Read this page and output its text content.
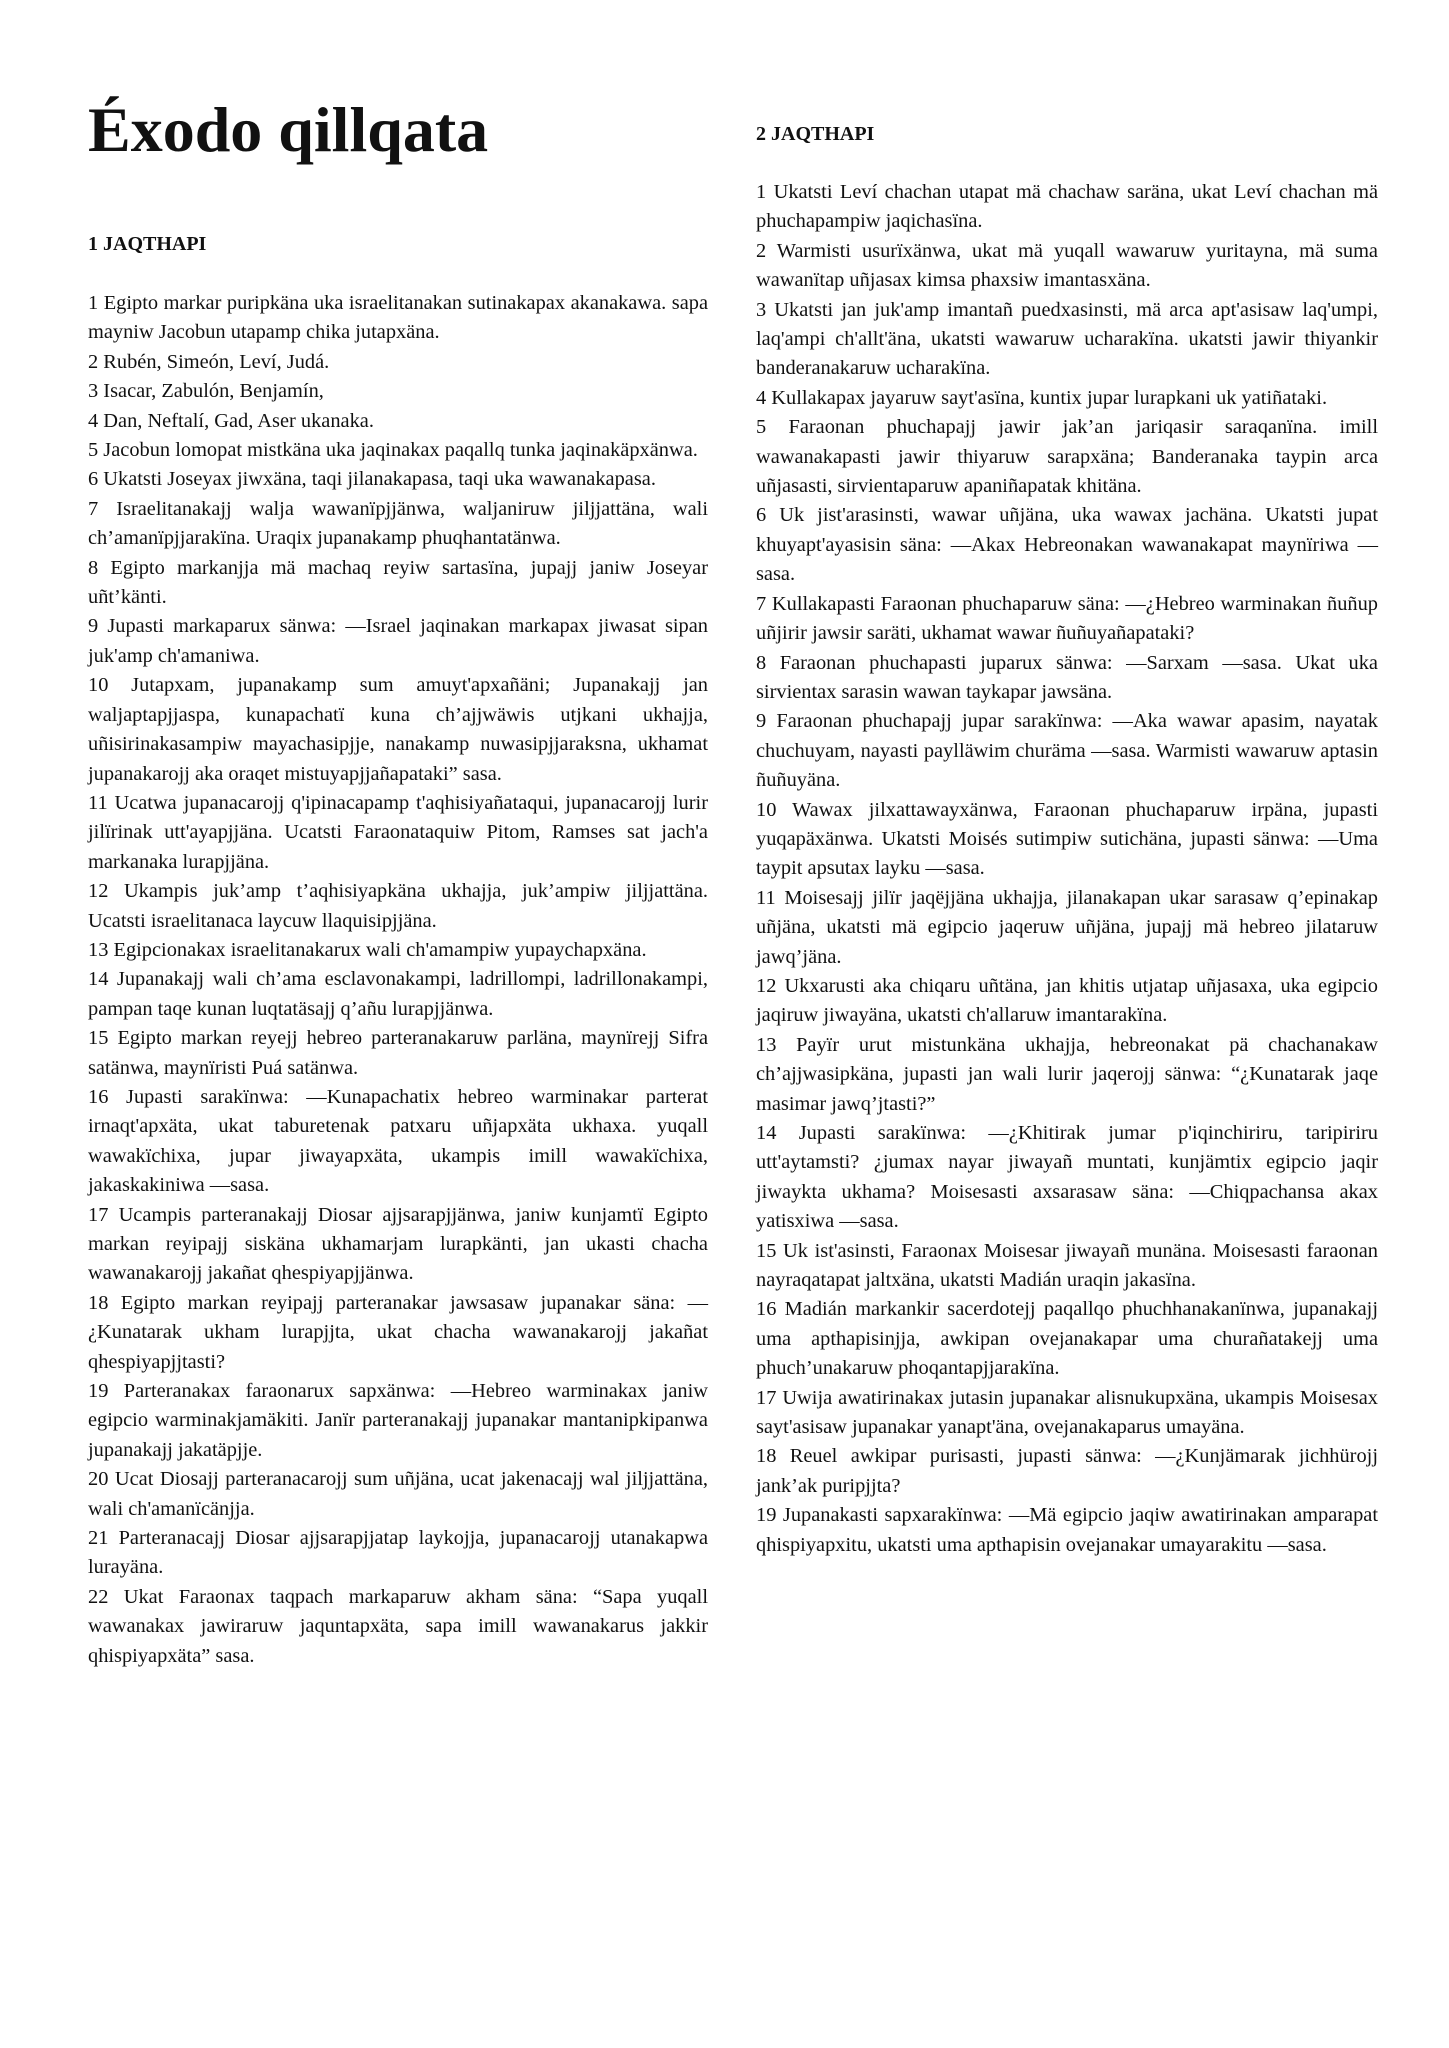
Éxodo qillqata
1 JAQTHAPI

1 Egipto markar puripkäna uka israelitanakan sutinakapax akanakawa. sapa mayniw Jacobun utapamp chika jutapxäna.

2 Rubén, Simeón, Leví, Judá.

3 Isacar, Zabulón, Benjamín,

4 Dan, Neftalí, Gad, Aser ukanaka.

5 Jacobun lomopat mistkäna uka jaqinakax paqallq tunka jaqinakäpxänwa.

6 Ukatsti Joseyax jiwxäna, taqi jilanakapasa, taqi uka wawanakapasa.

7 Israelitanakajj walja wawanïpjjänwa, waljaniruw jiljjattäna, wali ch’amanïpjjarakïna. Uraqix jupanakamp phuqhantatänwa.

8 Egipto markanjja mä machaq reyiw sartasïna, jupajj janiw Joseyar uñt’känti.

9 Jupasti markaparux sänwa: —Israel jaqinakan markapax jiwasat sipan juk'amp ch'amaniwa.

10 Jutapxam, jupanakamp sum amuyt'apxañäni; Jupanakajj jan waljaptapjjaspa, kunapachatï kuna ch’ajjwäwis utjkani ukhajja, uñisirinakasampiw mayachasipjje, nanakamp nuwasipjjaraksna, ukhamat jupanakarojj aka oraqet mistuyapjjañapataki” sasa.

11 Ucatwa jupanacarojj q'ipinacapamp t'aqhisiyañataqui, jupanacarojj lurir jilïrinak utt'ayapjjäna. Ucatsti Faraonataquiw Pitom, Ramses sat jach'a markanaka lurapjjäna.

12 Ukampis juk’amp t’aqhisiyapkäna ukhajja, juk’ampiw jiljjattäna. Ucatsti israelitanaca laycuw llaquisipjjäna.

13 Egipcionakax israelitanakarux wali ch'amampiw yupaychapxäna.

14 Jupanakajj wali ch’ama esclavonakampi, ladrillompi, ladrillonakampi, pampan taqe kunan luqtatäsajj q’añu lurapjjänwa.

15 Egipto markan reyejj hebreo parteranakaruw parläna, maynïrejj Sifra satänwa, maynïristi Puá satänwa.

16 Jupasti sarakïnwa: —Kunapachatix hebreo warminakar parterat irnaqt'apxäta, ukat taburetenak patxaru uñjapxäta ukhaxa. yuqall wawakïchixa, jupar jiwayapxäta, ukampis imill wawakïchixa, jakaskakiniwa —sasa.

17 Ucampis parteranakajj Diosar ajjsarapjjänwa, janiw kunjamtï Egipto markan reyipajj siskäna ukhamarjam lurapkänti, jan ukasti chacha wawanakarojj jakañat qhespiyapjjänwa.

18 Egipto markan reyipajj parteranakar jawsasaw jupanakar säna: —¿Kunatarak ukham lurapjjta, ukat chacha wawanakarojj jakañat qhespiyapjjtasti?

19 Parteranakax faraonarux sapxänwa: —Hebreo warminakax janiw egipcio warminakjamäkiti. Janïr parteranakajj jupanakar mantanipkipanwa jupanakajj jakatäpjje.

20 Ucat Diosajj parteranacarojj sum uñjäna, ucat jakenacajj wal jiljjattäna, wali ch'amanïcänjja.

21 Parteranacajj Diosar ajjsarapjjatap laykojja, jupanacarojj utanakapwa lurayäna.

22 Ukat Faraonax taqpach markaparuw akham säna: “Sapa yuqall wawanakax jawiraruw jaquntapxäta, sapa imill wawanakarus jakkir qhispiyapxäta” sasa.

2 JAQTHAPI

1 Ukatsti Leví chachan utapat mä chachaw saräna, ukat Leví chachan mä phuchapampiw jaqichasïna.

2 Warmisti usurïxänwa, ukat mä yuqall wawaruw yuritayna, mä suma wawanïtap uñjasax kimsa phaxsiw imantasxäna.

3 Ukatsti jan juk'amp imantañ puedxasinsti, mä arca apt'asisaw laq'umpi, laq'ampi ch'allt'äna, ukatsti wawaruw ucharakïna. ukatsti jawir thiyankir banderanakaruw ucharakïna.

4 Kullakapax jayaruw sayt'asïna, kuntix jupar lurapkani uk yatiñataki.

5 Faraonan phuchapajj jawir jak’an jariqasir saraqanïna. imill wawanakapasti jawir thiyaruw sarapxäna; Banderanaka taypin arca uñjasasti, sirvientaparuw apaniñapatak khitäna.

6 Uk jist'arasinsti, wawar uñjäna, uka wawax jachäna. Ukatsti jupat khuyapt'ayasisin säna: —Akax Hebreonakan wawanakapat maynïriwa —sasa.

7 Kullakapasti Faraonan phuchaparuw säna: —¿Hebreo warminakan ñuñup uñjirir jawsir saräti, ukhamat wawar ñuñuyañapataki?

8 Faraonan phuchapasti juparux sänwa: —Sarxam —sasa. Ukat uka sirvientax sarasin wawan taykapar jawsäna.

9 Faraonan phuchapajj jupar sarakïnwa: —Aka wawar apasim, nayatak chuchuyam, nayasti paylläwim churäma —sasa. Warmisti wawaruw aptasin ñuñuyäna.

10 Wawax jilxattawayxänwa, Faraonan phuchaparuw irpäna, jupasti yuqapäxänwa. Ukatsti Moisés sutimpiw sutichäna, jupasti sänwa: —Uma taypit apsutax layku —sasa.

11 Moisesajj jilïr jaqëjjäna ukhajja, jilanakapan ukar sarasaw q’epinakap uñjäna, ukatsti mä egipcio jaqeruw uñjäna, jupajj mä hebreo jilataruw jawq’jäna.

12 Ukxarusti aka chiqaru uñtäna, jan khitis utjatap uñjasaxa, uka egipcio jaqiruw jiwayäna, ukatsti ch'allaruw imantarakïna.

13 Payïr urut mistunkäna ukhajja, hebreonakat pä chachanakaw ch’ajjwasipkäna, jupasti jan wali lurir jaqerojj sänwa: “¿Kunatarak jaqe masimar jawq’jtasti?”

14 Jupasti sarakïnwa: —¿Khitirak jumar p'iqinchiriru, taripiriru utt'aytamsti? ¿jumax nayar jiwayañ muntati, kunjämtix egipcio jaqir jiwaykta ukhama? Moisesasti axsarasaw säna: —Chiqpachansa akax yatisxiwa —sasa.

15 Uk ist'asinsti, Faraonax Moisesar jiwayañ munäna. Moisesasti faraonan nayraqatapat jaltxäna, ukatsti Madián uraqin jakasïna.

16 Madián markankir sacerdotejj paqallqo phuchhanakanïnwa, jupanakajj uma apthapisinjja, awkipan ovejanakapar uma churañatakejj uma phuch’unakaruw phoqantapjjarakïna.

17 Uwija awatirinakax jutasin jupanakar alisnukupxäna, ukampis Moisesax sayt'asisaw jupanakar yanapt'äna, ovejanakaparus umayäna.

18 Reuel awkipar purisasti, jupasti sänwa: —¿Kunjämarak jichhürojj jank’ak puripjjta?

19 Jupanakasti sapxarakïnwa: —Mä egipcio jaqiw awatirinakan amparapat qhispiyapxitu, ukatsti uma apthapisin ovejanakar umayarakitu —sasa.
